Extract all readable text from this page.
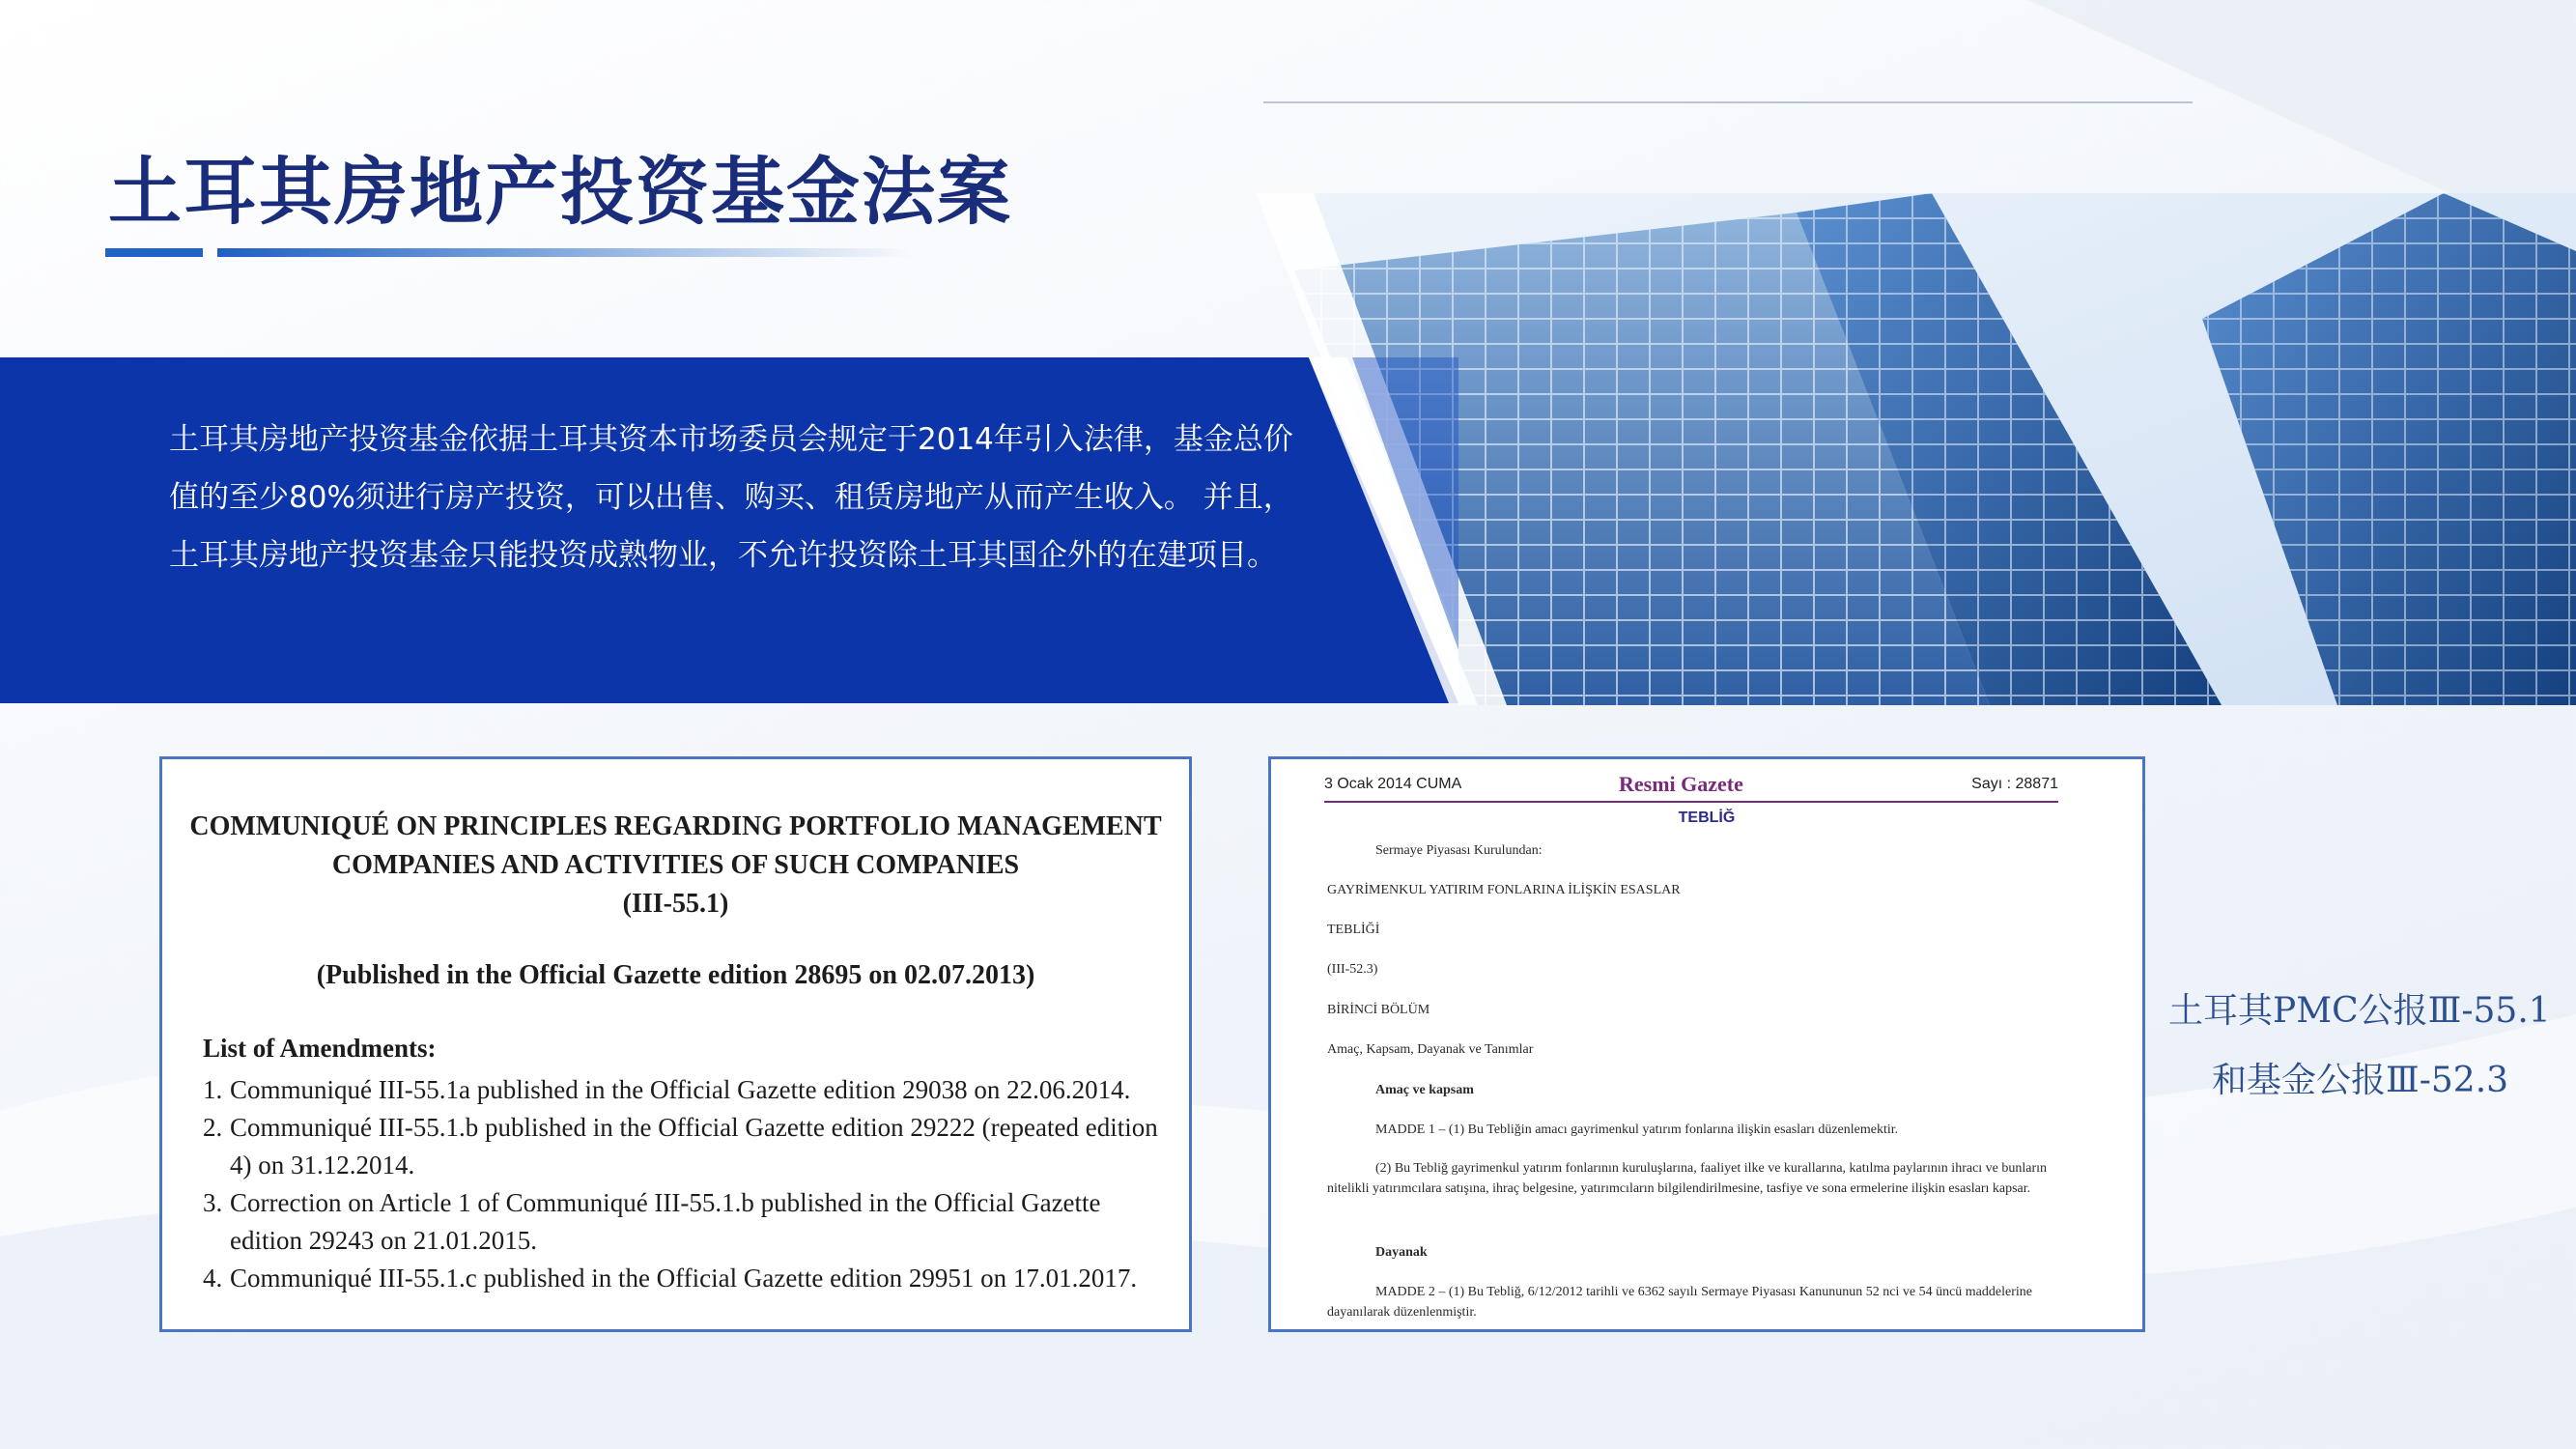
土耳其房地产投资基金法案
土耳其房地产投资基金依据土耳其资本市场委员会规定于2014年引入法律，基金总价值的至少80%须进行房产投资，可以出售、购买、租赁房地产从而产生收入。 并且，土耳其房地产投资基金只能投资成熟物业，不允许投资除土耳其国企外的在建项目。
COMMUNIQUÉ ON PRINCIPLES REGARDING PORTFOLIO MANAGEMENT
COMPANIES AND ACTIVITIES OF SUCH COMPANIES
(III-55.1)
(Published in the Official Gazette edition 28695 on 02.07.2013)
List of Amendments:
1. Communiqué III-55.1a published in the Official Gazette edition 29038 on 22.06.2014.
2. Communiqué III-55.1.b published in the Official Gazette edition 29222 (repeated edition 4) on 31.12.2014.
3. Correction on Article 1 of Communiqué III-55.1.b published in the Official Gazette edition 29243 on 21.01.2015.
4. Communiqué III-55.1.c published in the Official Gazette edition 29951 on 17.01.2017.
3 Ocak 2014 CUMA	Resmi Gazete	Sayı : 28871
TEBLİĞ
Sermaye Piyasası Kurulundan:
GAYRİMENKUL YATIRIM FONLARINA İLİŞKİN ESASLAR
TEBLİĞİ
(III-52.3)
BİRİNCİ BÖLÜM
Amaç, Kapsam, Dayanak ve Tanımlar
Amaç ve kapsam
MADDE 1 – (1) Bu Tebliğin amacı gayrimenkul yatırım fonlarına ilişkin esasları düzenlemektir.
(2) Bu Tebliğ gayrimenkul yatırım fonlarının kuruluşlarına, faaliyet ilke ve kurallarına, katılma paylarının ihracı ve bunların nitelikli yatırımcılara satışına, ihraç belgesine, yatırımcıların bilgilendirilmesine, tasfiye ve sona ermelerine ilişkin esasları kapsar.
Dayanak
MADDE 2 – (1) Bu Tebliğ, 6/12/2012 tarihli ve 6362 sayılı Sermaye Piyasası Kanununun 52 nci ve 54 üncü maddelerine dayanılarak düzenlenmiştir.
土耳其PMC公报Ⅲ-55.1
和基金公报Ⅲ-52.3
